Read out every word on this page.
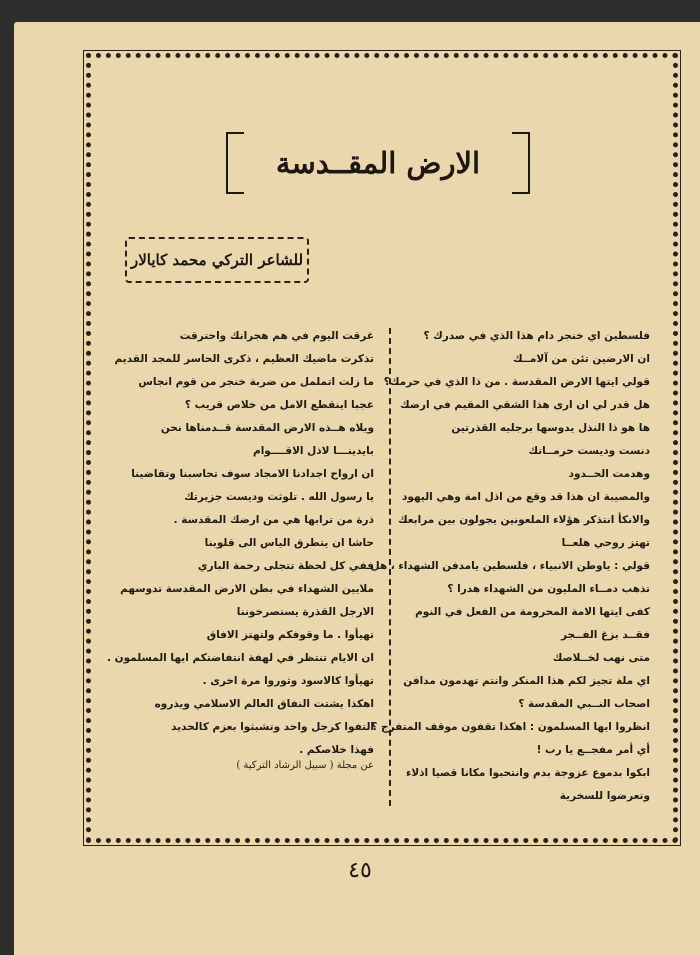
الارض المقــدسة
للشاعر التركي محمد كايالار
فلسطين اي خنجر دام هذا الذي في صدرك ؟
ان الارضين تئن من آلامــك
قولي ايتها الارض المقدسة . من ذا الذي في حرمك؟
هل قدر لي ان ارى هذا الشقي المقيم في ارضك
ها هو ذا النذل يدوسها برجليه القذرتين
دنست وديست حرمــاتك
وهدمت الحــدود
والمصيبة ان هذا قد وقع من اذل امة وهي اليهود
والانكأ انتذكر هؤلاء الملعونين يجولون بين مرابعك
تهتز روحي هلعــا
قولي : ياوطن الانبياء ، فلسطين يامدفن الشهداء ، هل
تذهب دمــاء المليون من الشهداء هدرا ؟
كفى ايتها الامة المحرومة من الفعل في النوم
فقــد بزغ الفــجر
متى نهب لخــلاصك
اي ملة تجيز لكم هذا المنكر وانتم تهدمون مدافن
اصحاب النــبي المقدسة ؟
انظروا ايها المسلمون : اهكذا تقفون موقف المتفرج ؟
أي أمر مفجــع يا رب !
ابكوا بدموع عزوجة بدم وانتحبوا مكانا قصيا اذلاء
وتعرضوا للسخرية
غرقت اليوم في هم هجرانك واحترقت
تذكرت ماضيك العظيم ، ذكرى الحاسر للمجد القديم
ما زلت اتململ من ضربة خنجر من قوم انجاس
عجبا اينقطع الامل من خلاص قريب ؟
ويلاه هــذه الارض المقدسة قــدمناها نحن
بايدينـــا لاذل الاقــــوام
ان ارواح اجدادنا الامجاد سوف تحاسبنا وتقاضينا
يا رسول الله . تلوثت وديست جزيرتك
ذرة من ترابها هي من ارضك المقدسة .
حاشا ان يتطرق الياس الى قلوبنا
ففي كل لحظة تتجلى رحمة الباري
ملايين الشهداء في بطن الارض المقدسة تدوسهم
الارجل القذرة يستصرخوننا
تهيأوا . ما وقوفكم ولتهتز الافاق
ان الايام تنتظر في لهفة انتفاضتكم ايها المسلمون .
تهيأوا كالاسود وثوروا مرة اخرى .
اهكذا يشتت النفاق العالم الاسلامي ويذروه
التفوا كرجل واحد وتشبثوا بعزم كالحديد
فهذا خلاصكم .
عن مجلة ( سبيل الرشاد التركية )
٤٥
